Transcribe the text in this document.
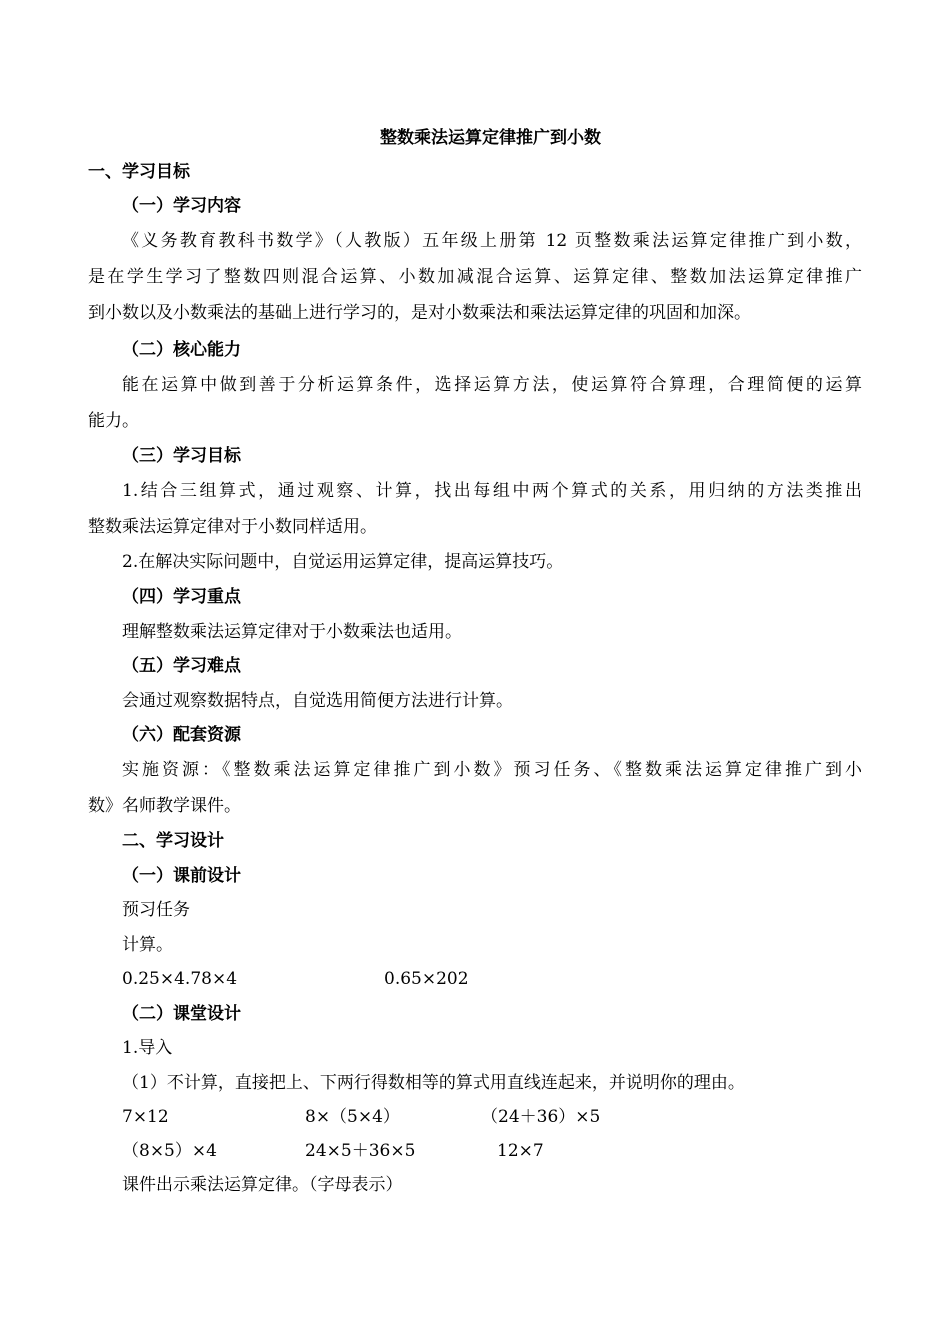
整数乘法运算定律推广到小数
一、学习目标
（一）学习内容
《义务教育教科书数学》（人教版）五年级上册第 12 页整数乘法运算定律推广到小数，
是在学生学习了整数四则混合运算、小数加减混合运算、运算定律、整数加法运算定律推广
到小数以及小数乘法的基础上进行学习的，是对小数乘法和乘法运算定律的巩固和加深。
（二）核心能力
能在运算中做到善于分析运算条件，选择运算方法，使运算符合算理，合理简便的运算
能力。
（三）学习目标
1.结合三组算式，通过观察、计算，找出每组中两个算式的关系，用归纳的方法类推出
整数乘法运算定律对于小数同样适用。
2.在解决实际问题中，自觉运用运算定律，提高运算技巧。
（四）学习重点
理解整数乘法运算定律对于小数乘法也适用。
（五）学习难点
会通过观察数据特点，自觉选用简便方法进行计算。
（六）配套资源
实施资源：《整数乘法运算定律推广到小数》预习任务、《整数乘法运算定律推广到小
数》名师教学课件。
二、学习设计
（一）课前设计
预习任务
计算。
0.25×4.78×4	0.65×202
（二）课堂设计
1.导入
（1）不计算，直接把上、下两行得数相等的算式用直线连起来，并说明你的理由。
7×12	8×（5×4）	（24＋36）×5
（8×5）×4	24×5＋36×5	12×7
课件出示乘法运算定律。（字母表示）
